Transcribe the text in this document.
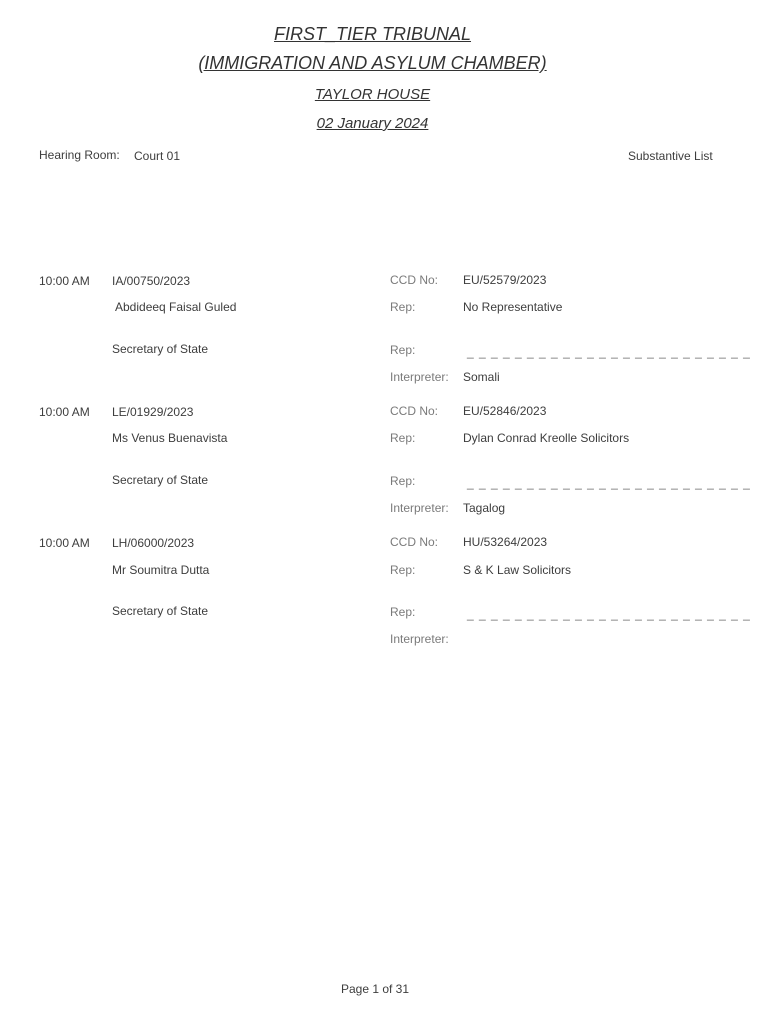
FIRST_TIER TRIBUNAL
(IMMIGRATION AND ASYLUM CHAMBER)
TAYLOR HOUSE
02 January 2024
Hearing Room: Court 01	Substantive List
10:00 AM IA/00750/2023	CCD No: EU/52579/2023
Abdideeq Faisal Guled	Rep:	No Representative
Secretary of State	Rep:	_ _ _ _ _ _ _ _ _ _ _ _ _ _ _ _ _ _ _ _ _ _ _ _
Interpreter: Somali
10:00 AM LE/01929/2023	CCD No: EU/52846/2023
Ms Venus Buenavista	Rep:	Dylan Conrad Kreolle Solicitors
Secretary of State	Rep:	_ _ _ _ _ _ _ _ _ _ _ _ _ _ _ _ _ _ _ _ _ _ _ _
Interpreter: Tagalog
10:00 AM LH/06000/2023	CCD No: HU/53264/2023
Mr Soumitra Dutta	Rep:	S & K Law Solicitors
Secretary of State	Rep:	_ _ _ _ _ _ _ _ _ _ _ _ _ _ _ _ _ _ _ _ _ _ _ _
Interpreter:
Page 1 of 31
